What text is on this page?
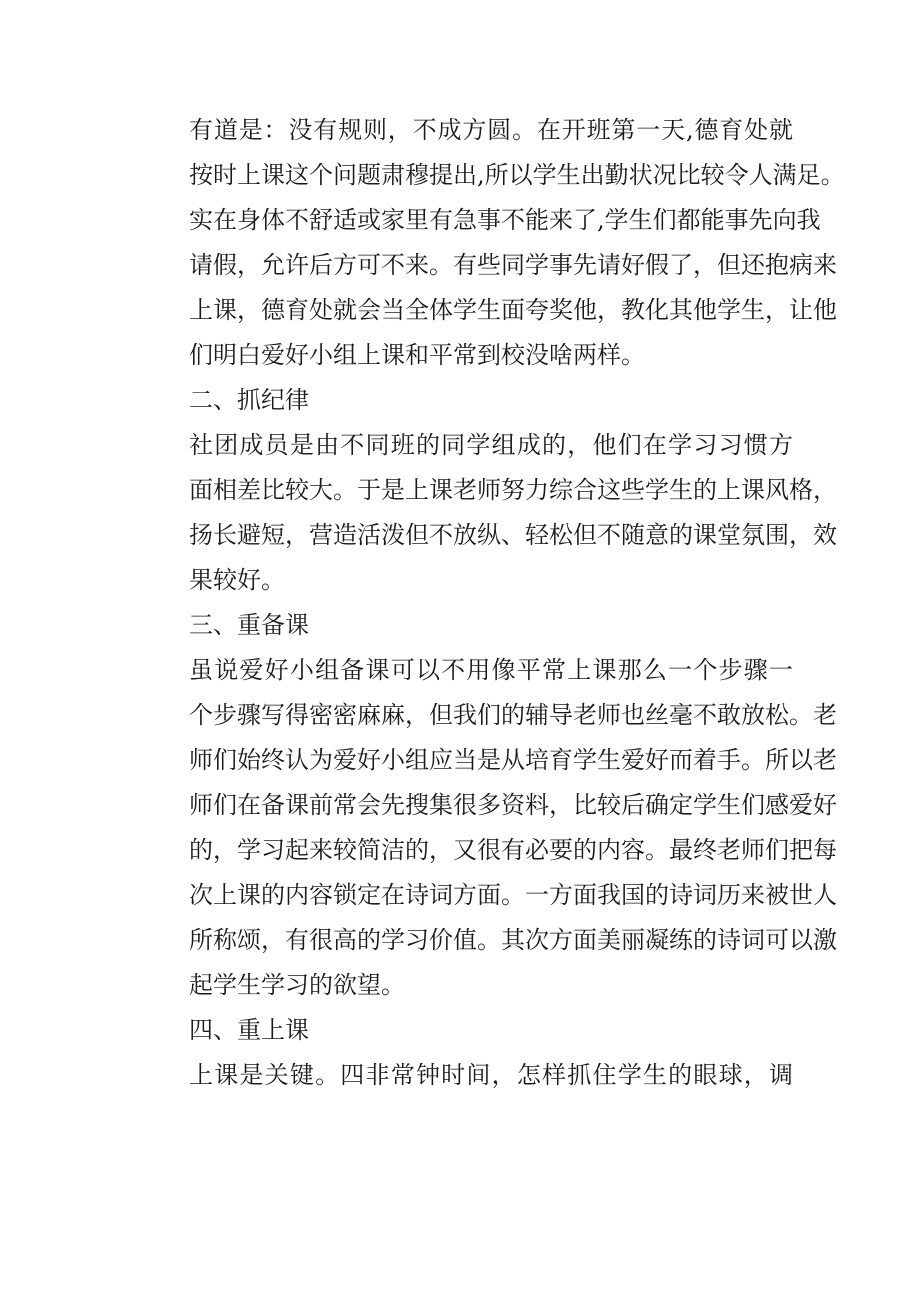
有道是：没有规则，不成方圆。在开班第一天,德育处就
按时上课这个问题肃穆提出,所以学生出勤状况比较令人满足。
实在身体不舒适或家里有急事不能来了,学生们都能事先向我
请假，允许后方可不来。有些同学事先请好假了，但还抱病来
上课，德育处就会当全体学生面夸奖他，教化其他学生，让他
们明白爱好小组上课和平常到校没啥两样。
二、抓纪律
社团成员是由不同班的同学组成的，他们在学习习惯方
面相差比较大。于是上课老师努力综合这些学生的上课风格，
扬长避短，营造活泼但不放纵、轻松但不随意的课堂氛围，效
果较好。
三、重备课
虽说爱好小组备课可以不用像平常上课那么一个步骤一
个步骤写得密密麻麻，但我们的辅导老师也丝毫不敢放松。老
师们始终认为爱好小组应当是从培育学生爱好而着手。所以老
师们在备课前常会先搜集很多资料，比较后确定学生们感爱好
的，学习起来较简洁的，又很有必要的内容。最终老师们把每
次上课的内容锁定在诗词方面。一方面我国的诗词历来被世人
所称颂，有很高的学习价值。其次方面美丽凝练的诗词可以激
起学生学习的欲望。
四、重上课
上课是关键。四非常钟时间，怎样抓住学生的眼球，调
